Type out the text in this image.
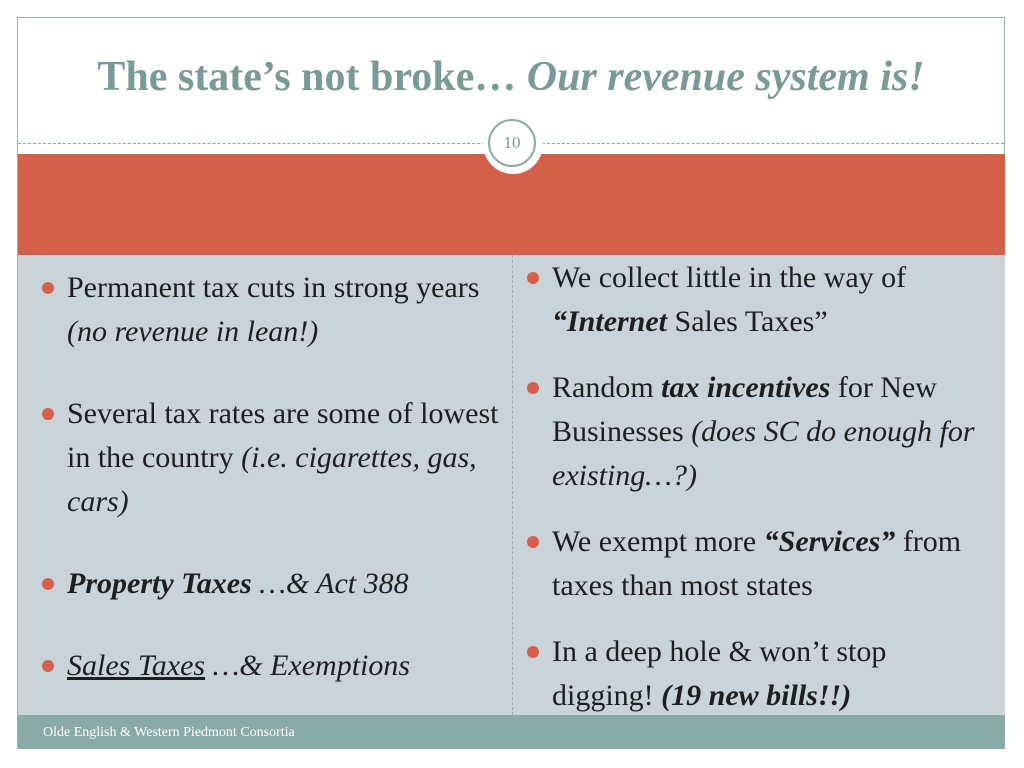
The state’s not broke… Our revenue system is!
10
Permanent tax cuts in strong years (no revenue in lean!)
Several tax rates are some of lowest in the country (i.e. cigarettes, gas, cars)
Property Taxes …& Act 388
Sales Taxes …& Exemptions
We collect little in the way of “Internet Sales Taxes”
Random tax incentives for New Businesses (does SC do enough for existing…?)
We exempt more “Services” from taxes than most states
In a deep hole & won’t stop digging! (19 new bills!!)
Olde English & Western Piedmont Consortia
